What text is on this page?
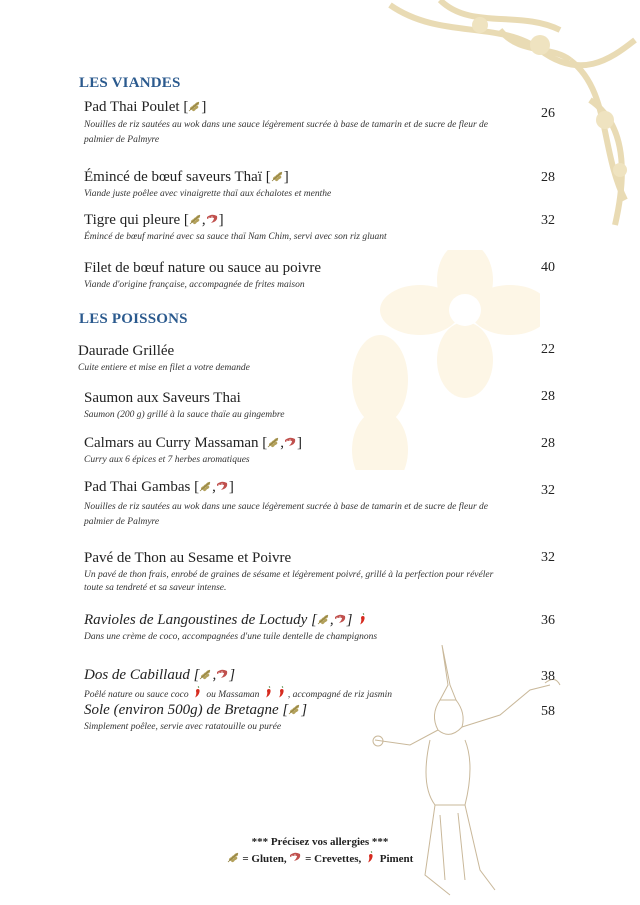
LES VIANDES
LES POISSONS
Pad Thai Poulet [ ]
Nouilles de riz sautées au wok dans une sauce légèrement sucrée à base de tamarin et de sucre de fleur de palmier de Palmyre
26
Émincé de bœuf saveurs Thaï [ ]
Viande juste poêlee avec vinaigrette thaï aux échalotes et menthe
28
Tigre qui pleure [ , ]
Émincé de bœuf mariné avec sa sauce thaï Nam Chim, servi avec son riz gluant
32
Filet de bœuf nature ou sauce au poivre
Viande d'origine française, accompagnée de frites maison
40
Daurade Grillée
Cuite entiere et mise en filet a votre demande
22
Saumon aux Saveurs Thai
Saumon (200 g) grillé à la sauce thaïe au gingembre
28
Calmars au Curry Massaman [ , ]
Curry aux 6 épices et 7 herbes aromatiques
28
Pad Thai Gambas [ , ]
Nouilles de riz sautées au wok dans une sauce légèrement sucrée à base de tamarin et de sucre de fleur de palmier de Palmyre
32
Pavé de Thon au Sesame et Poivre
Un pavé de thon frais, enrobé de graines de sésame et légèrement poivré, grillé à la perfection pour révéler toute sa tendreté et sa saveur intense.
32
Ravioles de Langoustines de Loctudy [ , ]
Dans une crème de coco, accompagnées d'une tuile dentelle de champignons
36
Dos de Cabillaud [ , ]
Poêlé nature ou sauce coco  ou Massaman	, accompagné de riz jasmin
38
Sole (environ 500g) de Bretagne [ ]
Simplement poêlee, servie avec ratatouille ou purée
58
*** Précisez vos allergies ***
= Gluten,  = Crevettes,  Piment
